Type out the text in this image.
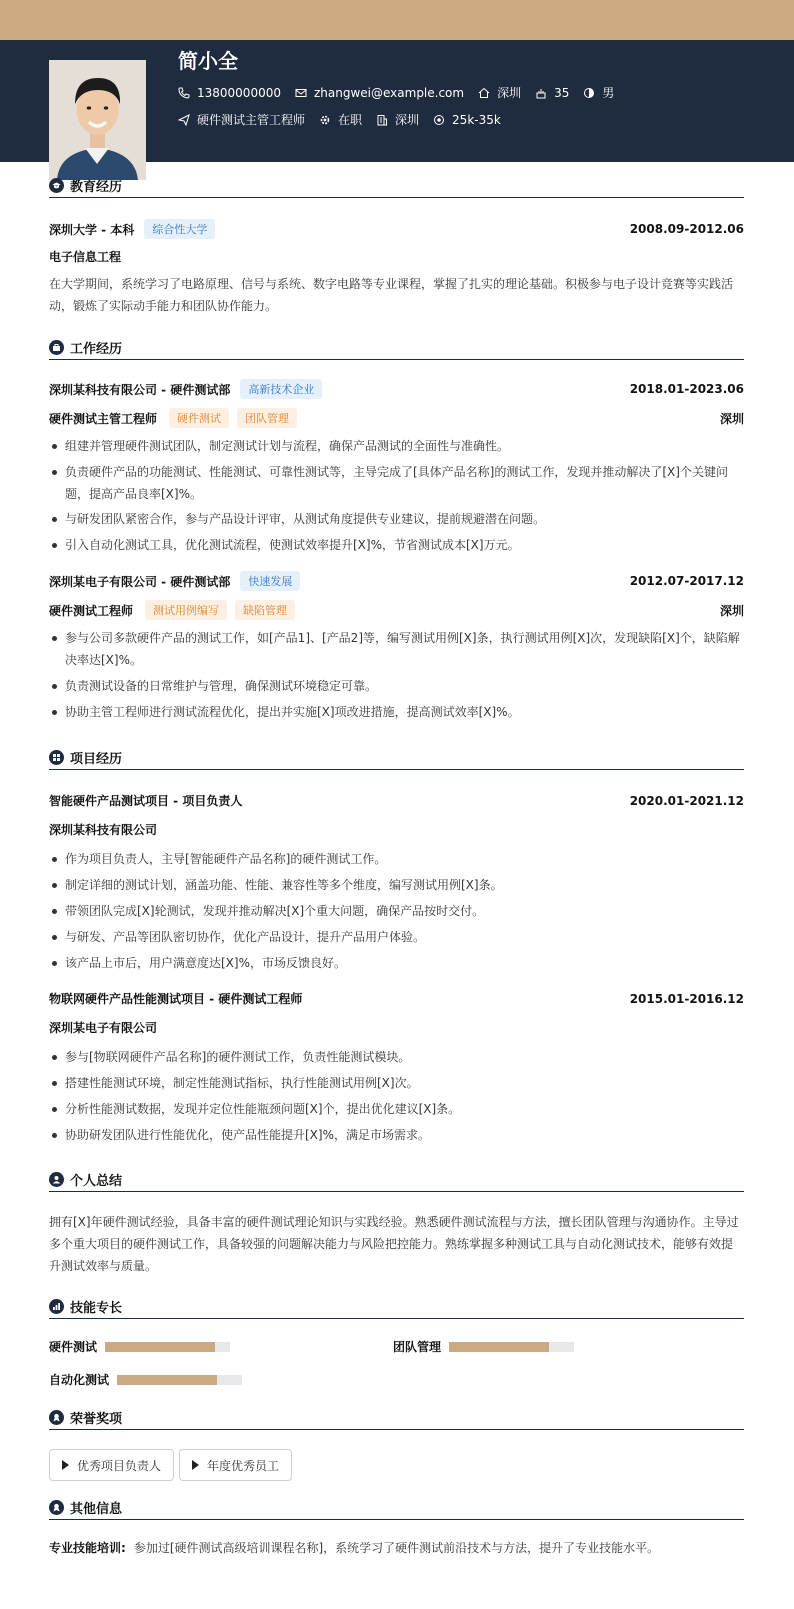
简小全
13800000000	zhangwei@example.com	深圳	35	男
硬件测试主管工程师	在职	深圳	25k-35k
教育经历
深圳大学 - 本科	综合性大学	2008.09-2012.06
电子信息工程
在大学期间，系统学习了电路原理、信号与系统、数字电路等专业课程，掌握了扎实的理论基础。积极参与电子设计竞赛等实践活动，锻炼了实际动手能力和团队协作能力。
工作经历
深圳某科技有限公司 - 硬件测试部	高新技术企业	2018.01-2023.06
硬件测试主管工程师	硬件测试	团队管理	深圳
组建并管理硬件测试团队，制定测试计划与流程，确保产品测试的全面性与准确性。
负责硬件产品的功能测试、性能测试、可靠性测试等，主导完成了[具体产品名称]的测试工作，发现并推动解决了[X]个关键问题，提高产品良率[X]%。
与研发团队紧密合作，参与产品设计评审，从测试角度提供专业建议，提前规避潜在问题。
引入自动化测试工具，优化测试流程，使测试效率提升[X]%，节省测试成本[X]万元。
深圳某电子有限公司 - 硬件测试部	快速发展	2012.07-2017.12
硬件测试工程师	测试用例编写	缺陷管理	深圳
参与公司多款硬件产品的测试工作，如[产品1]、[产品2]等，编写测试用例[X]条，执行测试用例[X]次，发现缺陷[X]个，缺陷解决率达[X]%。
负责测试设备的日常维护与管理，确保测试环境稳定可靠。
协助主管工程师进行测试流程优化，提出并实施[X]项改进措施，提高测试效率[X]%。
项目经历
智能硬件产品测试项目 - 项目负责人	2020.01-2021.12
深圳某科技有限公司
作为项目负责人，主导[智能硬件产品名称]的硬件测试工作。
制定详细的测试计划，涵盖功能、性能、兼容性等多个维度，编写测试用例[X]条。
带领团队完成[X]轮测试，发现并推动解决[X]个重大问题，确保产品按时交付。
与研发、产品等团队密切协作，优化产品设计，提升产品用户体验。
该产品上市后，用户满意度达[X]%，市场反馈良好。
物联网硬件产品性能测试项目 - 硬件测试工程师	2015.01-2016.12
深圳某电子有限公司
参与[物联网硬件产品名称]的硬件测试工作，负责性能测试模块。
搭建性能测试环境，制定性能测试指标，执行性能测试用例[X]次。
分析性能测试数据，发现并定位性能瓶颈问题[X]个，提出优化建议[X]条。
协助研发团队进行性能优化，使产品性能提升[X]%，满足市场需求。
个人总结
拥有[X]年硬件测试经验，具备丰富的硬件测试理论知识与实践经验。熟悉硬件测试流程与方法，擅长团队管理与沟通协作。主导过多个重大项目的硬件测试工作，具备较强的问题解决能力与风险把控能力。熟练掌握多种测试工具与自动化测试技术，能够有效提升测试效率与质量。
技能专长
硬件测试	团队管理
自动化测试
荣誉奖项
优秀项目负责人	年度优秀员工
其他信息
专业技能培训: 参加过[硬件测试高级培训课程名称]，系统学习了硬件测试前沿技术与方法，提升了专业技能水平。
